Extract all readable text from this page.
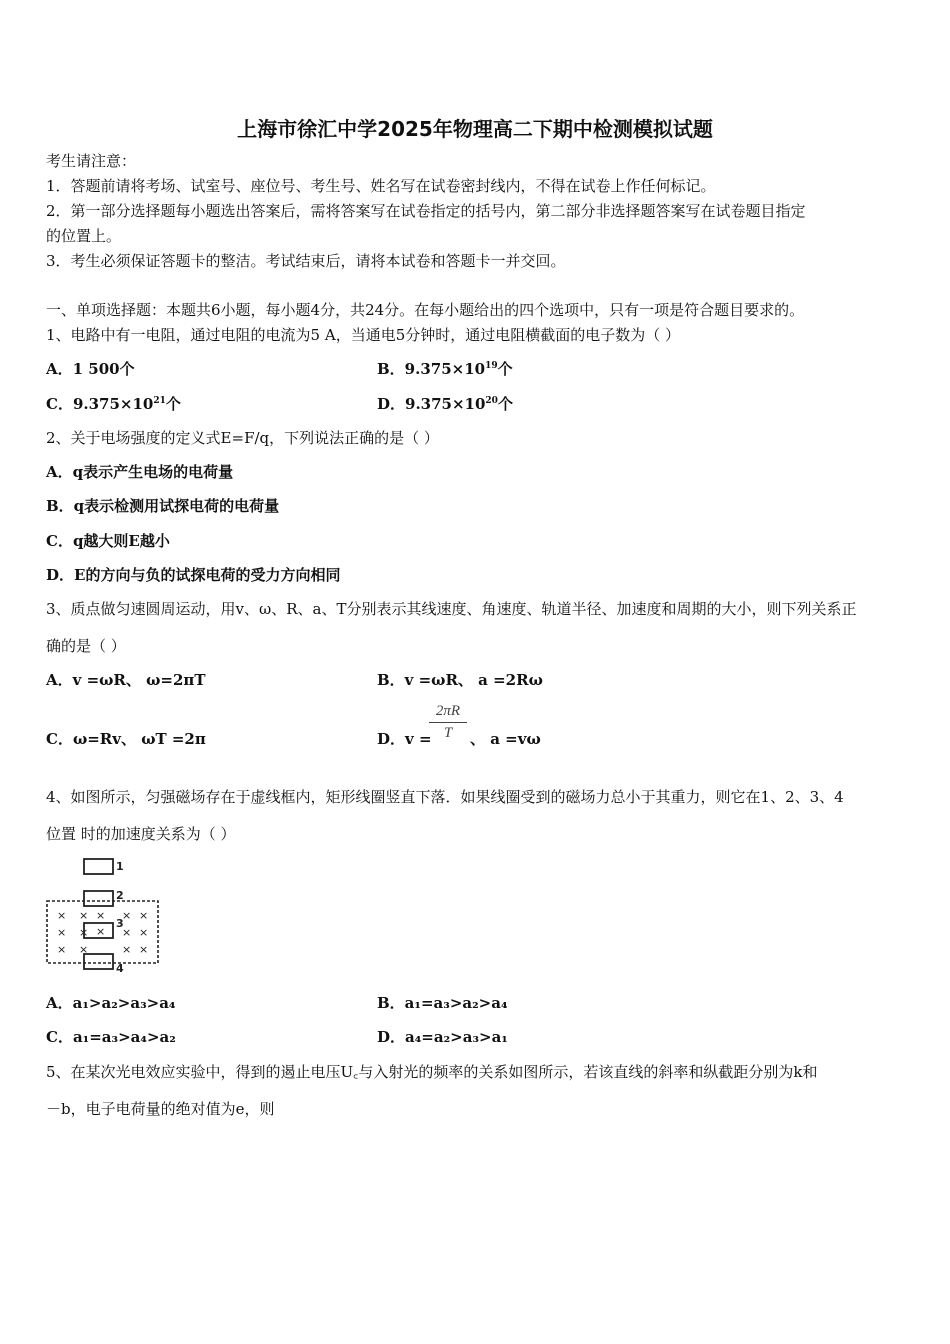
上海市徐汇中学2025年物理高二下期中检测模拟试题
考生请注意：
1．答题前请将考场、试室号、座位号、考生号、姓名写在试卷密封线内，不得在试卷上作任何标记。
2．第一部分选择题每小题选出答案后，需将答案写在试卷指定的括号内，第二部分非选择题答案写在试卷题目指定
的位置上。
3．考生必须保证答题卡的整洁。考试结束后，请将本试卷和答题卡一并交回。
一、单项选择题：本题共6小题，每小题4分，共24分。在每小题给出的四个选项中，只有一项是符合题目要求的。
1、电路中有一电阻，通过电阻的电流为5 A，当通电5分钟时，通过电阻横截面的电子数为（ ）
A．1 500个	B．$9.375\times 10^{19}$个
C．$9.375\times 10^{21}$个	D．$9.375\times 10^{20}$个
2、关于电场强度的定义式E=F/q，下列说法正确的是（ ）
A．q表示产生电场的电荷量
B．q表示检测用试探电荷的电荷量
C．q越大则E越小
D．E的方向与负的试探电荷的受力方向相同
3、质点做匀速圆周运动，用v、ω、R、a、T分别表示其线速度、角速度、轨道半径、加速度和周期的大小，则下列关系正
确的是（ ）
A．v =ωR、 ω=2πT	B．v =ωR、 a =2Rω
C．ω=Rv、 ωT =2π	D．v =
$\frac{2\pi R}{T}$ 、 a =vω
4、如图所示，匀强磁场存在于虚线框内，矩形线圈竖直下落．如果线圈受到的磁场力总小于其重力，则它在1、2、3、4
位置 时的加速度关系为（ ）
1
2
3
4
× × × × ×
× × × × ×
× ×	× ×
A．a₁>a₂>a₃>a₄	B．a₁=a₃>a₂>a₄
C．a₁=a₃>a₄>a₂	D．a₄=a₂>a₃>a₁
5、在某次光电效应实验中，得到的遏止电压U꜀与入射光的频率的关系如图所示，若该直线的斜率和纵截距分别为k和
－b，电子电荷量的绝对值为e，则
